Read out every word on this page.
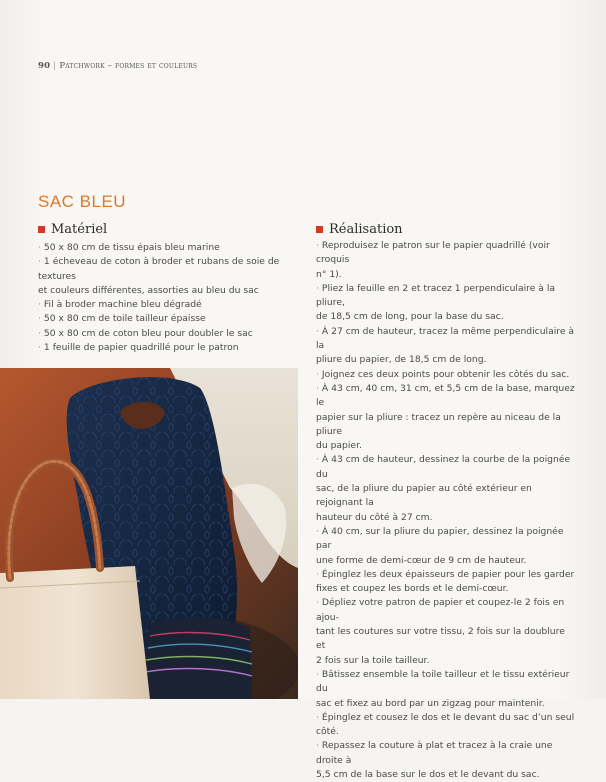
90 | Patchwork – formes et couleurs
SAC BLEU
Matériel
· 50 x 80 cm de tissu épais bleu marine
· 1 écheveau de coton à broder et rubans de soie de textures
et couleurs différentes, assorties au bleu du sac
· Fil à broder machine bleu dégradé
· 50 x 80 cm de toile tailleur épaisse
· 50 x 80 cm de coton bleu pour doubler le sac
· 1 feuille de papier quadrillé pour le patron
Réalisation
· Reproduisez le patron sur le papier quadrillé (voir croquis
n° 1).
· Pliez la feuille en 2 et tracez 1 perpendiculaire à la pliure,
de 18,5 cm de long, pour la base du sac.
· À 27 cm de hauteur, tracez la même perpendiculaire à la
pliure du papier, de 18,5 cm de long.
· Joignez ces deux points pour obtenir les côtés du sac.
· À 43 cm, 40 cm, 31 cm, et 5,5 cm de la base, marquez le
papier sur la pliure : tracez un repère au niceau de la pliure
du papier.
· À 43 cm de hauteur, dessinez la courbe de la poignée du
sac, de la pliure du papier au côté extérieur en rejoignant la
hauteur du côté à 27 cm.
· À 40 cm, sur la pliure du papier, dessinez la poignée par
une forme de demi-cœur de 9 cm de hauteur.
· Épinglez les deux épaisseurs de papier pour les garder
fixes et coupez les bords et le demi-cœur.
· Dépliez votre patron de papier et coupez-le 2 fois en ajou-
tant les coutures sur votre tissu, 2 fois sur la doublure et
2 fois sur la toile tailleur.
· Bâtissez ensemble la toile tailleur et le tissu extérieur du
sac et fixez au bord par un zigzag pour maintenir.
· Épinglez et cousez le dos et le devant du sac d’un seul
côté.
· Repassez la couture à plat et tracez à la craie une droite à
5,5 cm de la base sur le dos et le devant du sac.
